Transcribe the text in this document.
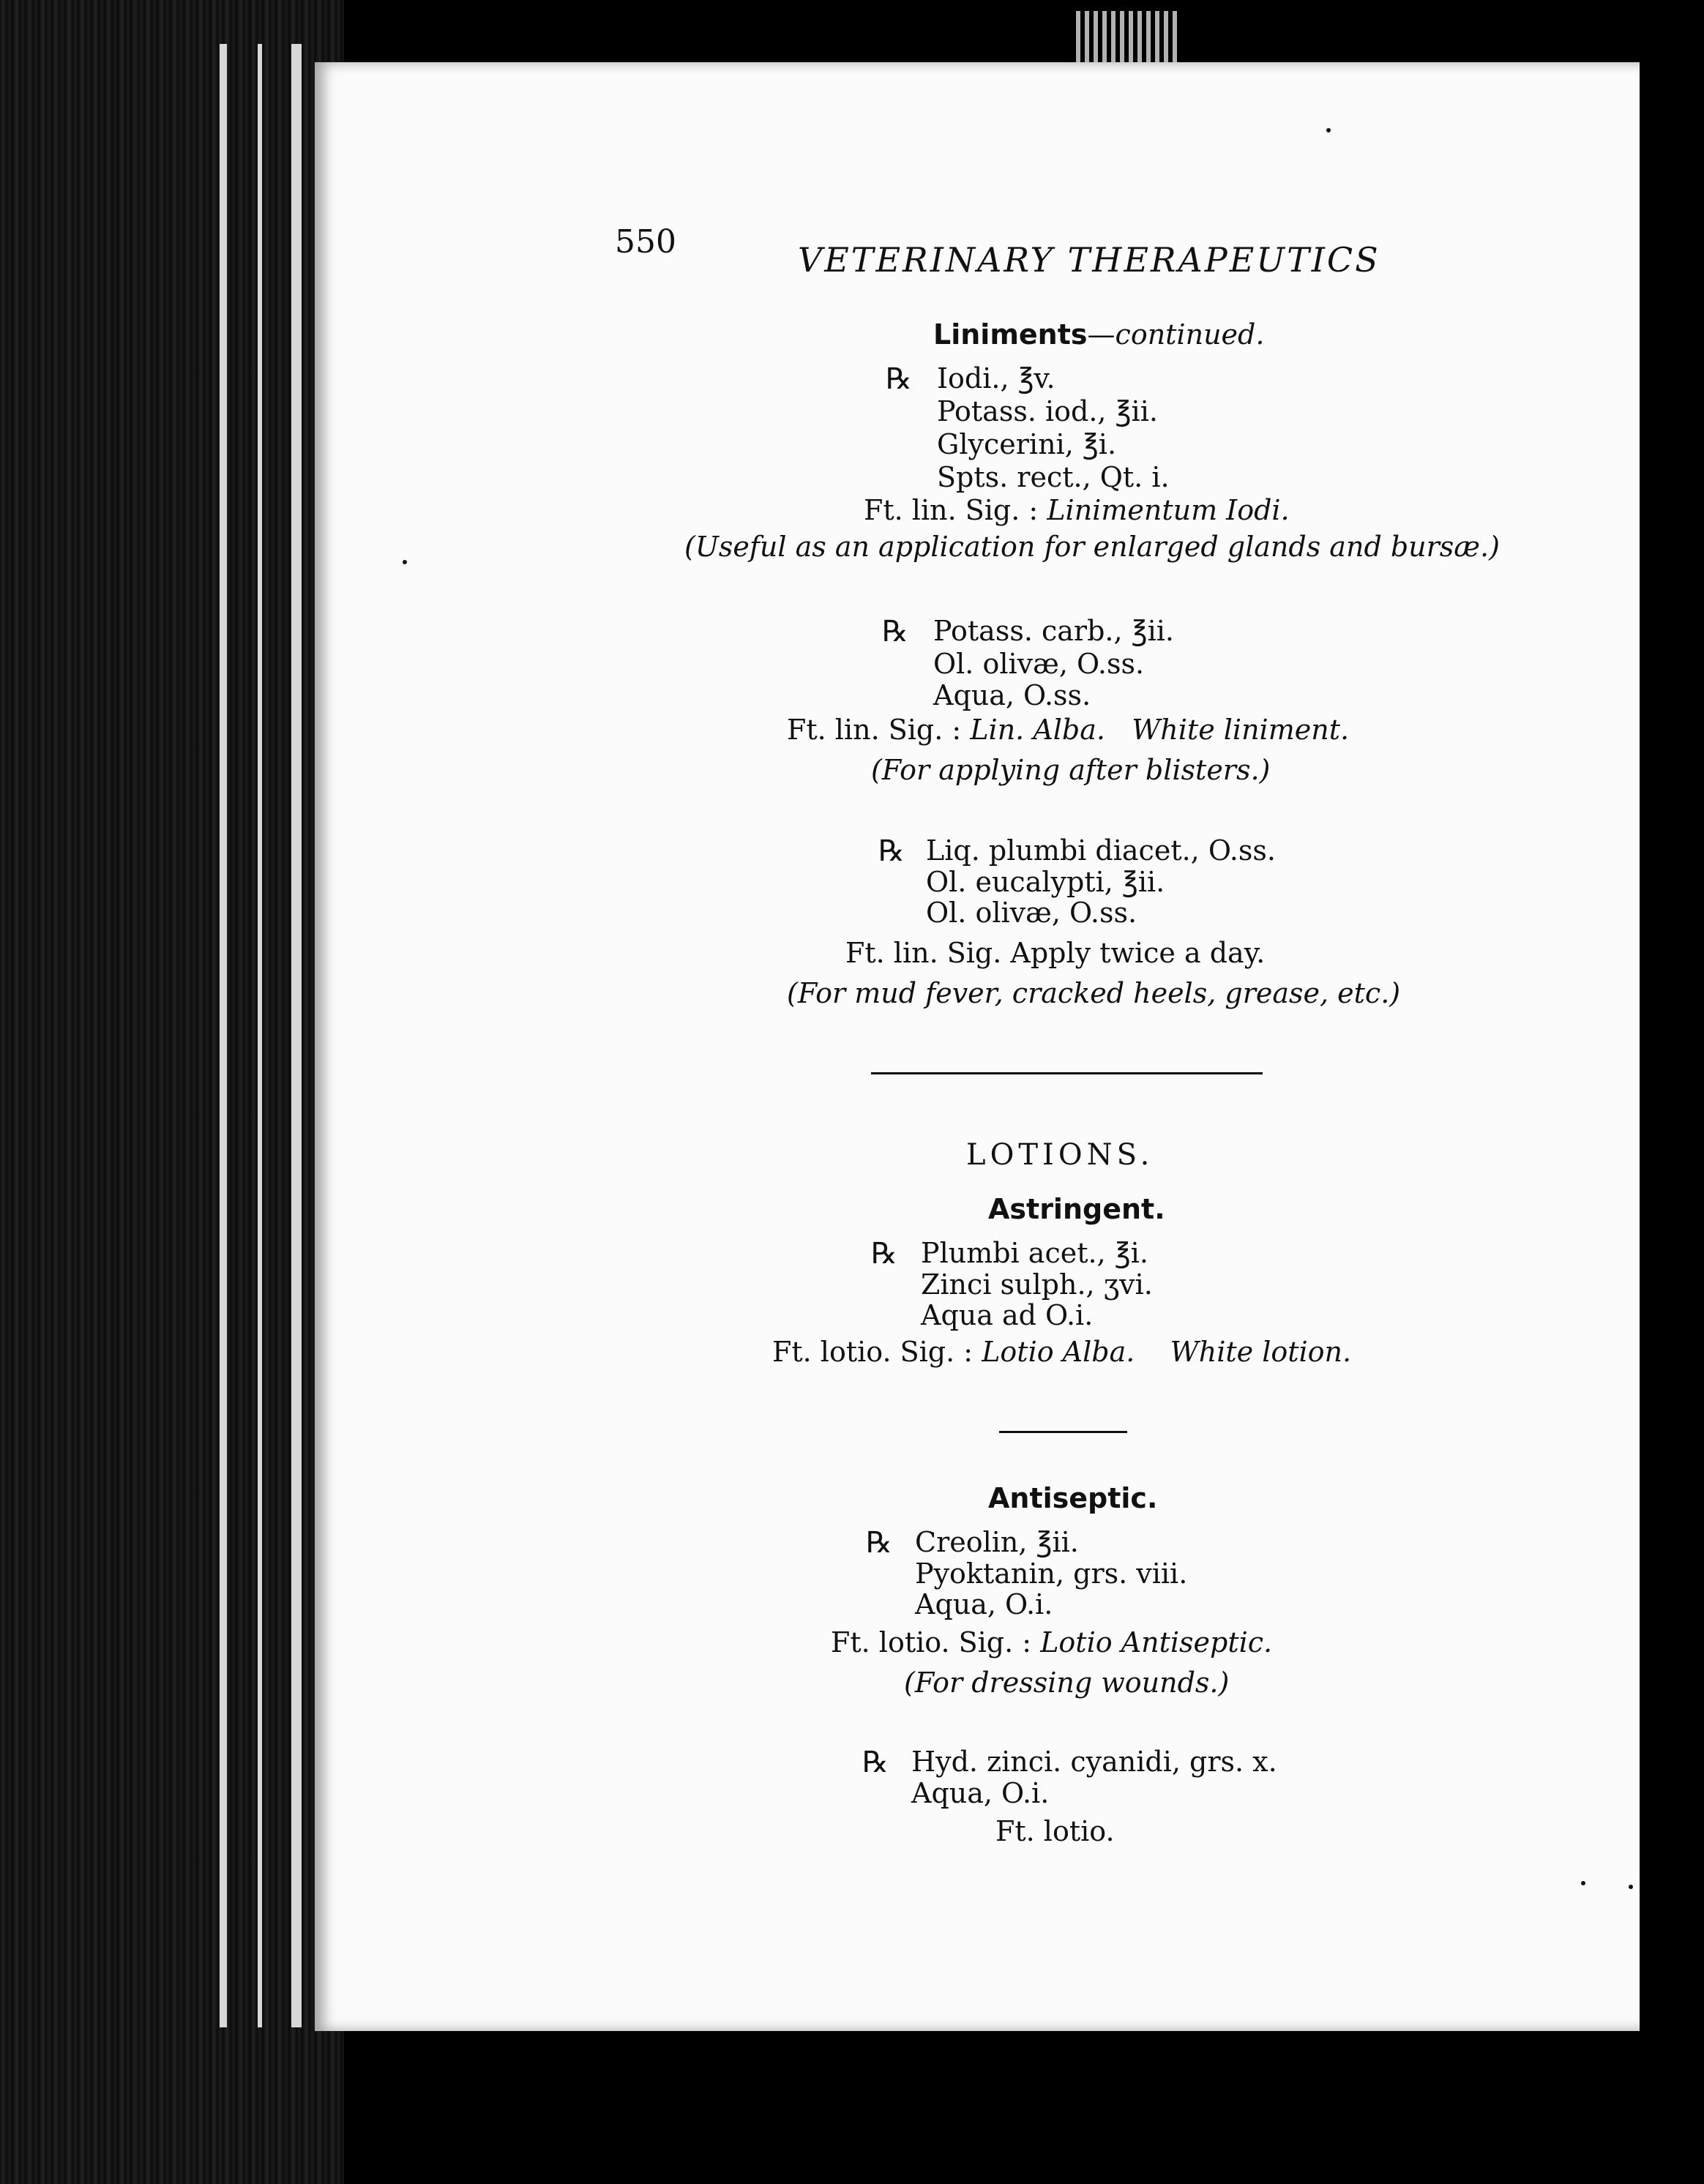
550	VETERINARY THERAPEUTICS
Liniments—continued.
℞ Iodi., ℥v.
Potass. iod., ℥ii.
Glycerini, ℥i.
Spts. rect., Qt. i.
Ft. lin. Sig. : Linimentum Iodi.
(Useful as an application for enlarged glands and bursæ.)
℞ Potass. carb., ℥ii.
Ol. olivæ, O.ss.
Aqua, O.ss.
Ft. lin. Sig. : Lin. Alba. White liniment.
(For applying after blisters.)
℞ Liq. plumbi diacet., O.ss.
Ol. eucalypti, ℥ii.
Ol. olivæ, O.ss.
Ft. lin. Sig. Apply twice a day.
(For mud fever, cracked heels, grease, etc.)
LOTIONS.
Astringent.
℞ Plumbi acet., ℥i.
Zinci sulph., ʒvi.
Aqua ad O.i.
Ft. lotio. Sig. : Lotio Alba. White lotion.
Antiseptic.
℞ Creolin, ℥ii.
Pyoktanin, grs. viii.
Aqua, O.i.
Ft. lotio. Sig. : Lotio Antiseptic.
(For dressing wounds.)
℞ Hyd. zinci. cyanidi, grs. x.
Aqua, O.i.
Ft. lotio.
